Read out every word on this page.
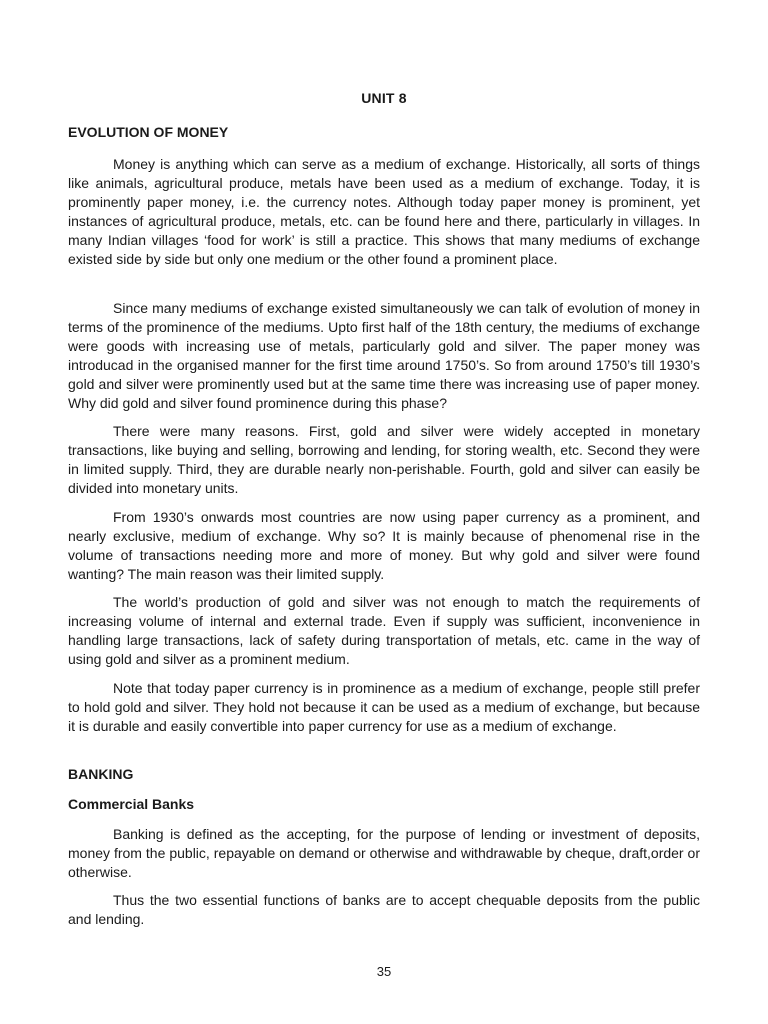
UNIT 8
EVOLUTION OF MONEY

Money is anything which can serve as a medium of exchange. Historically, all sorts of things like animals, agricultural produce, metals have been used as a medium of exchange. Today, it is prominently paper money, i.e. the currency notes. Although today paper money is prominent, yet instances of agricultural produce, metals, etc. can be found here and there, particularly in villages. In many Indian villages ‘food for work’ is still a practice. This shows that many mediums of exchange existed side by side but only one medium or the other found a prominent place.

Since many mediums of exchange existed simultaneously we can talk of evolution of money in terms of the prominence of the mediums. Upto first half of the 18th century, the mediums of exchange were goods with increasing use of metals, particularly gold and silver. The paper money was introducad in the organised manner for the first time around 1750’s. So from around 1750’s till 1930’s gold and silver were prominently used but at the same time there was increasing use of paper money. Why did gold and silver found prominence during this phase?

There were many reasons. First, gold and silver were widely accepted in monetary transactions, like buying and selling, borrowing and lending, for storing wealth, etc. Second they were in limited supply. Third, they are durable nearly non-perishable. Fourth, gold and silver can easily be divided into monetary units.

From 1930’s onwards most countries are now using paper currency as a prominent, and nearly exclusive, medium of exchange. Why so? It is mainly because of phenomenal rise in the volume of transactions needing more and more of money. But why gold and silver were found wanting? The main reason was their limited supply.

The world’s production of gold and silver was not enough to match the requirements of increasing volume of internal and external trade. Even if supply was sufficient, inconvenience in handling large transactions, lack of safety during transportation of metals, etc. came in the way of using gold and silver as a prominent medium.

Note that today paper currency is in prominence as a medium of exchange, people still prefer to hold gold and silver. They hold not because it can be used as a medium of exchange, but because it is durable and easily convertible into paper currency for use as a medium of exchange.

BANKING
Commercial Banks

Banking is defined as the accepting, for the purpose of lending or investment of deposits, money from the public, repayable on demand or otherwise and withdrawable by cheque, draft,order or otherwise.

Thus the two essential functions of banks are to accept chequable deposits from the public and lending.

35
